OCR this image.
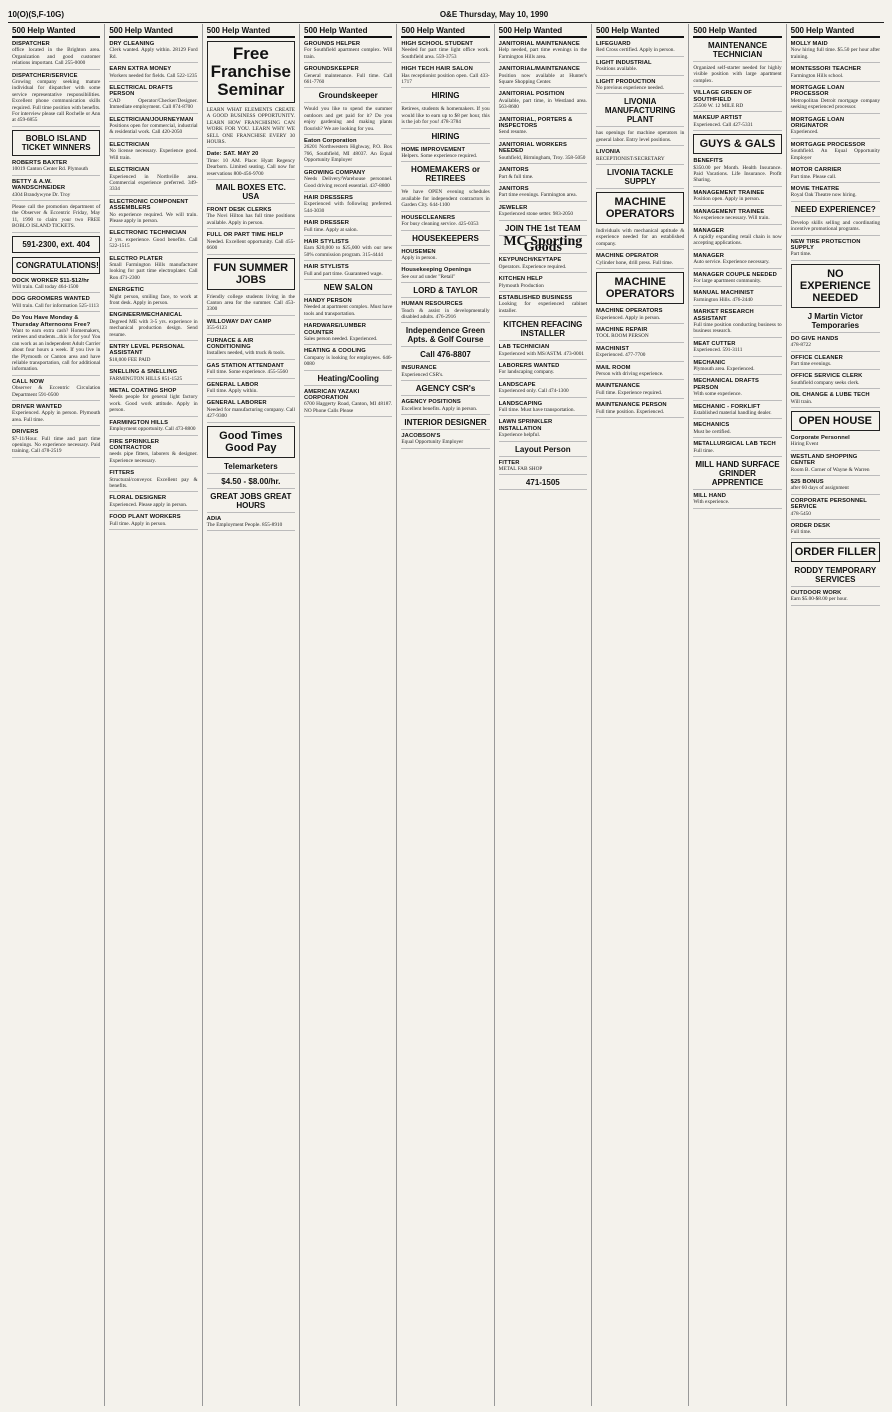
10(O)(S,F-10G)	O&E Thursday, May 10, 1990
500 Help Wanted
DISPATCHER
office located in the Brighton area. Organization and good customer relations important. Call 255-0000
DISPATCHER/SERVICE
Growing company seeking mature individual for dispatcher with some service representative responsibilities. Excellent phone communication skills required. Full time position with benefits. For interview please call Rochelle or Ann at 459-6855
BOBLO ISLAND TICKET WINNERS
ROBERTS BAXTER
10019 Canton Center Rd. Plymouth
BETTY & A.W. WANDSCHNEIDER
4304 Brandywyne Dr. Troy
Please call the promotion department of the Observer & Eccentric Friday, May 11, 1990 to claim your two FREE BOBLO ISLAND TICKETS.
591-2300, ext. 404
CONGRATULATIONS!
DOCK WORKER $11-$12/hr
Will train. Call today 464-1500
DOG GROOMERS WANTED
Will train. Call for information 525-1113
Do You Have Monday & Thursday Afternoons Free?
Want to earn extra cash? Homemakers, retirees and students...this is for you! You can work as an independent Adult Carrier about four hours a week. If you live in the Plymouth or Canton area and have reliable transportation, call for additional information.
CALL NOW
Observer & Eccentric Circulation Department 591-0500
DRIVER WANTED
Experienced. Apply in person. Plymouth area. Full time.
DRIVERS
$7-11/Hour. Full time and part time openings. No experience necessary. Paid training. Call 478-2519
500 Help Wanted
DRY CLEANING
Clerk wanted. Apply within. 28129 Ford Rd.
EARN EXTRA MONEY
Workers needed for fields. Call 522-1235
ELECTRICAL DRAFTS PERSON
CAD Operator/Checker/Designer. Immediate employment. Call 874-8700
ELECTRICIAN/JOURNEYMAN
Positions open for commercial, industrial & residential work. Call 420-2050
ELECTRICIAN
No license necessary. Experience good. Will train.
ELECTRICIAN
Experienced in Northville area. Commercial experience preferred. 349-3334
ELECTRONIC COMPONENT ASSEMBLERS
No experience required. We will train. Please apply in person.
ELECTRONIC TECHNICIAN
2 yrs. experience. Good benefits. Call 522-1515
ELECTRO PLATER
Small Farmington Hills manufacturer looking for part time electroplater. Call Ron 471-2300
ENERGETIC
Night person, smiling face, to work at front desk. Apply in person.
ENGINEER/MECHANICAL
Degreed ME with 3-5 yrs. experience in mechanical production design. Send resume.
ENTRY LEVEL PERSONAL ASSISTANT
$18,000 FEE PAID
SNELLING & SNELLING
FARMINGTON HILLS 851-1525
METAL COATING SHOP
Needs people for general light factory work. Good work attitude. Apply in person.
FARMINGTON HILLS
Employment opportunity. Call 473-8800
FIRE SPRINKLER CONTRACTOR
needs pipe fitters, laborers & designer. Experience necessary.
FITTERS
Structural/conveyor. Excellent pay & benefits.
FLORAL DESIGNER
Experienced. Please apply in person.
FOOD PLANT WORKERS
Full time. Apply in person.
500 Help Wanted
Free Franchise Seminar
LEARN WHAT ELEMENTS CREATE A GOOD BUSINESS OPPORTUNITY. LEARN HOW FRANCHISING CAN WORK FOR YOU. LEARN WHY WE SELL ONE FRANCHISE EVERY 30 HOURS.
Date: SAT. MAY 20
Time: 10 AM. Place: Hyatt Regency Dearborn. Limited seating. Call now for reservations 800-456-9700
MAIL BOXES ETC. USA
FRONT DESK CLERKS
The Novi Hilton has full time positions available. Apply in person.
FULL OR PART TIME HELP
Needed. Excellent opportunity. Call 455-6600
FUN SUMMER JOBS
Friendly college students living in the Canton area for the summer. Call 453-3300
WILLOWAY DAY CAMP
355-6123
FURNACE & AIR CONDITIONING
Installers needed, with truck & tools.
GAS STATION ATTENDANT
Full time. Some experience. 455-5560
GENERAL LABOR
Full time. Apply within.
GENERAL LABORER
Needed for manufacturing company. Call 427-9300
Good Times Good Pay
Telemarketers
$4.50 - $8.00/hr.
GREAT JOBS GREAT HOURS
ADIA
The Employment People. 855-8910
500 Help Wanted
GROUNDS HELPER
For Southfield apartment complex. Will train.
GROUNDSKEEPER
General maintenance. Full time. Call 661-7760
Groundskeeper
Would you like to spend the summer outdoors and get paid for it? Do you enjoy gardening and making plants flourish? We are looking for you.
Eaton Corporation
26201 Northwestern Highway, P.O. Box 766, Southfield, MI 48037. An Equal Opportunity Employer
GROWING COMPANY
Needs Delivery/Warehouse personnel. Good driving record essential. 437-8800
HAIR DRESSERS
Experienced with following preferred. 544-3030
HAIR DRESSER
Full time. Apply at salon.
HAIR STYLISTS
Earn $20,000 to $25,000 with our new 50% commission program. 315-4444
HAIR STYLISTS
Full and part time. Guaranteed wage.
NEW SALON
HANDY PERSON
Needed at apartment complex. Must have tools and transportation.
HARDWARE/LUMBER COUNTER
Sales person needed. Experienced.
HEATING & COOLING
Company is looking for employees. 646-0080
Heating/Cooling
AMERICAN YAZAKI CORPORATION
6700 Haggerty Road, Canton, MI 48187. NO Phone Calls Please
500 Help Wanted
HIGH SCHOOL STUDENT
Needed for part time light office work. Southfield area. 559-3753
HIGH TECH HAIR SALON
Has receptionist position open. Call 433-1717
HIRING
Retirees, students & homemakers. If you would like to earn up to $8 per hour, this is the job for you! 478-3784
HIRING
HOME IMPROVEMENT
Helpers. Some experience required.
HOMEMAKERS or RETIREES
We have OPEN evening schedules available for independent contractors in Garden City. 644-1100
HOUSECLEANERS
For busy cleaning service. 425-0353
HOUSEKEEPERS
HOUSEMEN
Apply in person.
Housekeeping Openings
See our ad under "Retail"
LORD & TAYLOR
HUMAN RESOURCES
Teach & assist in developmentally disabled adults. 476-2916
Independence Green Apts. & Golf Course
Call 476-8807
INSURANCE
Experienced CSR's.
AGENCY CSR's
AGENCY POSITIONS
Excellent benefits. Apply in person.
INTERIOR DESIGNER
JACOBSON'S
Equal Opportunity Employer
500 Help Wanted
JANITORIAL MAINTENANCE
Help needed, part time evenings in the Farmington Hills area.
JANITORIAL/MAINTENANCE
Position now available at Hunter's Square Shopping Center.
JANITORIAL POSITION
Available, part time, in Westland area. 563-8600
JANITORIAL, PORTERS & INSPECTORS
Send resume.
JANITORIAL WORKERS NEEDED
Southfield, Birmingham, Troy. 358-5050
JANITORS
Part & full time.
JANITORS
Part time evenings. Farmington area.
JEWELER
Experienced stone setter. 983-2050
JOIN THE 1st TEAM
MC Sporting Goods
KEYPUNCH/KEYTAPE
Operators. Experience required.
KITCHEN HELP
Plymouth Production
ESTABLISHED BUSINESS
Looking for experienced cabinet installer.
KITCHEN REFACING INSTALLER
LAB TECHNICIAN
Experienced with MS/ASTM. 473-0001
LABORERS WANTED
For landscaping company.
LANDSCAPE
Experienced only. Call 474-1300
LANDSCAPING
Full time. Must have transportation.
LAWN SPRINKLER INSTALLATION
Experience helpful.
Layout Person
FITTER
METAL FAB SHOP
471-1505
500 Help Wanted
LIFEGUARD
Red Cross certified. Apply in person.
LIGHT INDUSTRIAL
Positions available.
LIGHT PRODUCTION
No previous experience needed.
LIVONIA MANUFACTURING PLANT
has openings for machine operators in general labor. Entry level positions.
LIVONIA
RECEPTIONIST/SECRETARY
LIVONIA TACKLE SUPPLY
MACHINE OPERATORS
Individuals with mechanical aptitude & experience needed for an established company.
MACHINE OPERATOR
Cylinder hone, drill press. Full time.
MACHINE OPERATORS
MACHINE OPERATORS
Experienced. Apply in person.
MACHINE REPAIR
TOOL ROOM PERSON
MACHINIST
Experienced. 477-7700
MAIL ROOM
Person with driving experience.
MAINTENANCE
Full time. Experience required.
MAINTENANCE PERSON
Full time position. Experienced.
500 Help Wanted
MAINTENANCE TECHNICIAN
Organized self-starter needed for highly visible position with large apartment complex.
VILLAGE GREEN OF SOUTHFIELD
25500 W. 12 MILE RD
MAKEUP ARTIST
Experienced. Call 427-5331
GUYS & GALS
BENEFITS
$350.00 per Month. Health Insurance. Paid Vacations. Life Insurance. Profit Sharing.
MANAGEMENT TRAINEE
Position open. Apply in person.
MANAGEMENT TRAINEE
No experience necessary. Will train.
MANAGER
A rapidly expanding retail chain is now accepting applications.
MANAGER
Auto service. Experience necessary.
MANAGER COUPLE NEEDED
For large apartment community.
MANUAL MACHINIST
Farmington Hills. 476-2440
MARKET RESEARCH ASSISTANT
Full time position conducting business to business research.
MEAT CUTTER
Experienced. 591-3111
MECHANIC
Plymouth area. Experienced.
MECHANICAL DRAFTS PERSON
With some experience.
MECHANIC - FORKLIFT
Established material handling dealer.
MECHANICS
Must be certified.
METALLURGICAL LAB TECH
Full time.
MILL HAND SURFACE GRINDER APPRENTICE
MILL HAND
With experience.
500 Help Wanted
MOLLY MAID
Now hiring full time. $5.50 per hour after training.
MONTESSORI TEACHER
Farmington Hills school.
MORTGAGE LOAN PROCESSOR
Metropolitan Detroit mortgage company seeking experienced processor.
MORTGAGE LOAN ORIGINATOR
Experienced.
MORTGAGE PROCESSOR
Southfield. An Equal Opportunity Employer
MOTOR CARRIER
Part time. Please call.
MOVIE THEATRE
Royal Oak Theatre now hiring.
NEED EXPERIENCE?
Develop skills selling and coordinating incentive promotional programs.
NEW TIRE PROTECTION SUPPLY
Part time.
NO EXPERIENCE NEEDED
J Martin Victor Temporaries
DO GIVE HANDS
478-8722
OFFICE CLEANER
Part time evenings.
OFFICE SERVICE CLERK
Southfield company seeks clerk.
OIL CHANGE & LUBE TECH
Will train.
OPEN HOUSE
Corporate Personnel
Hiring Event
WESTLAND SHOPPING CENTER
Room B. Corner of Wayne & Warren
$25 BONUS
after 60 days of assignment
CORPORATE PERSONNEL SERVICE
478-5450
ORDER DESK
Full time.
ORDER FILLER
RODDY TEMPORARY SERVICES
OUTDOOR WORK
Earn $5.00-$8.00 per hour.
